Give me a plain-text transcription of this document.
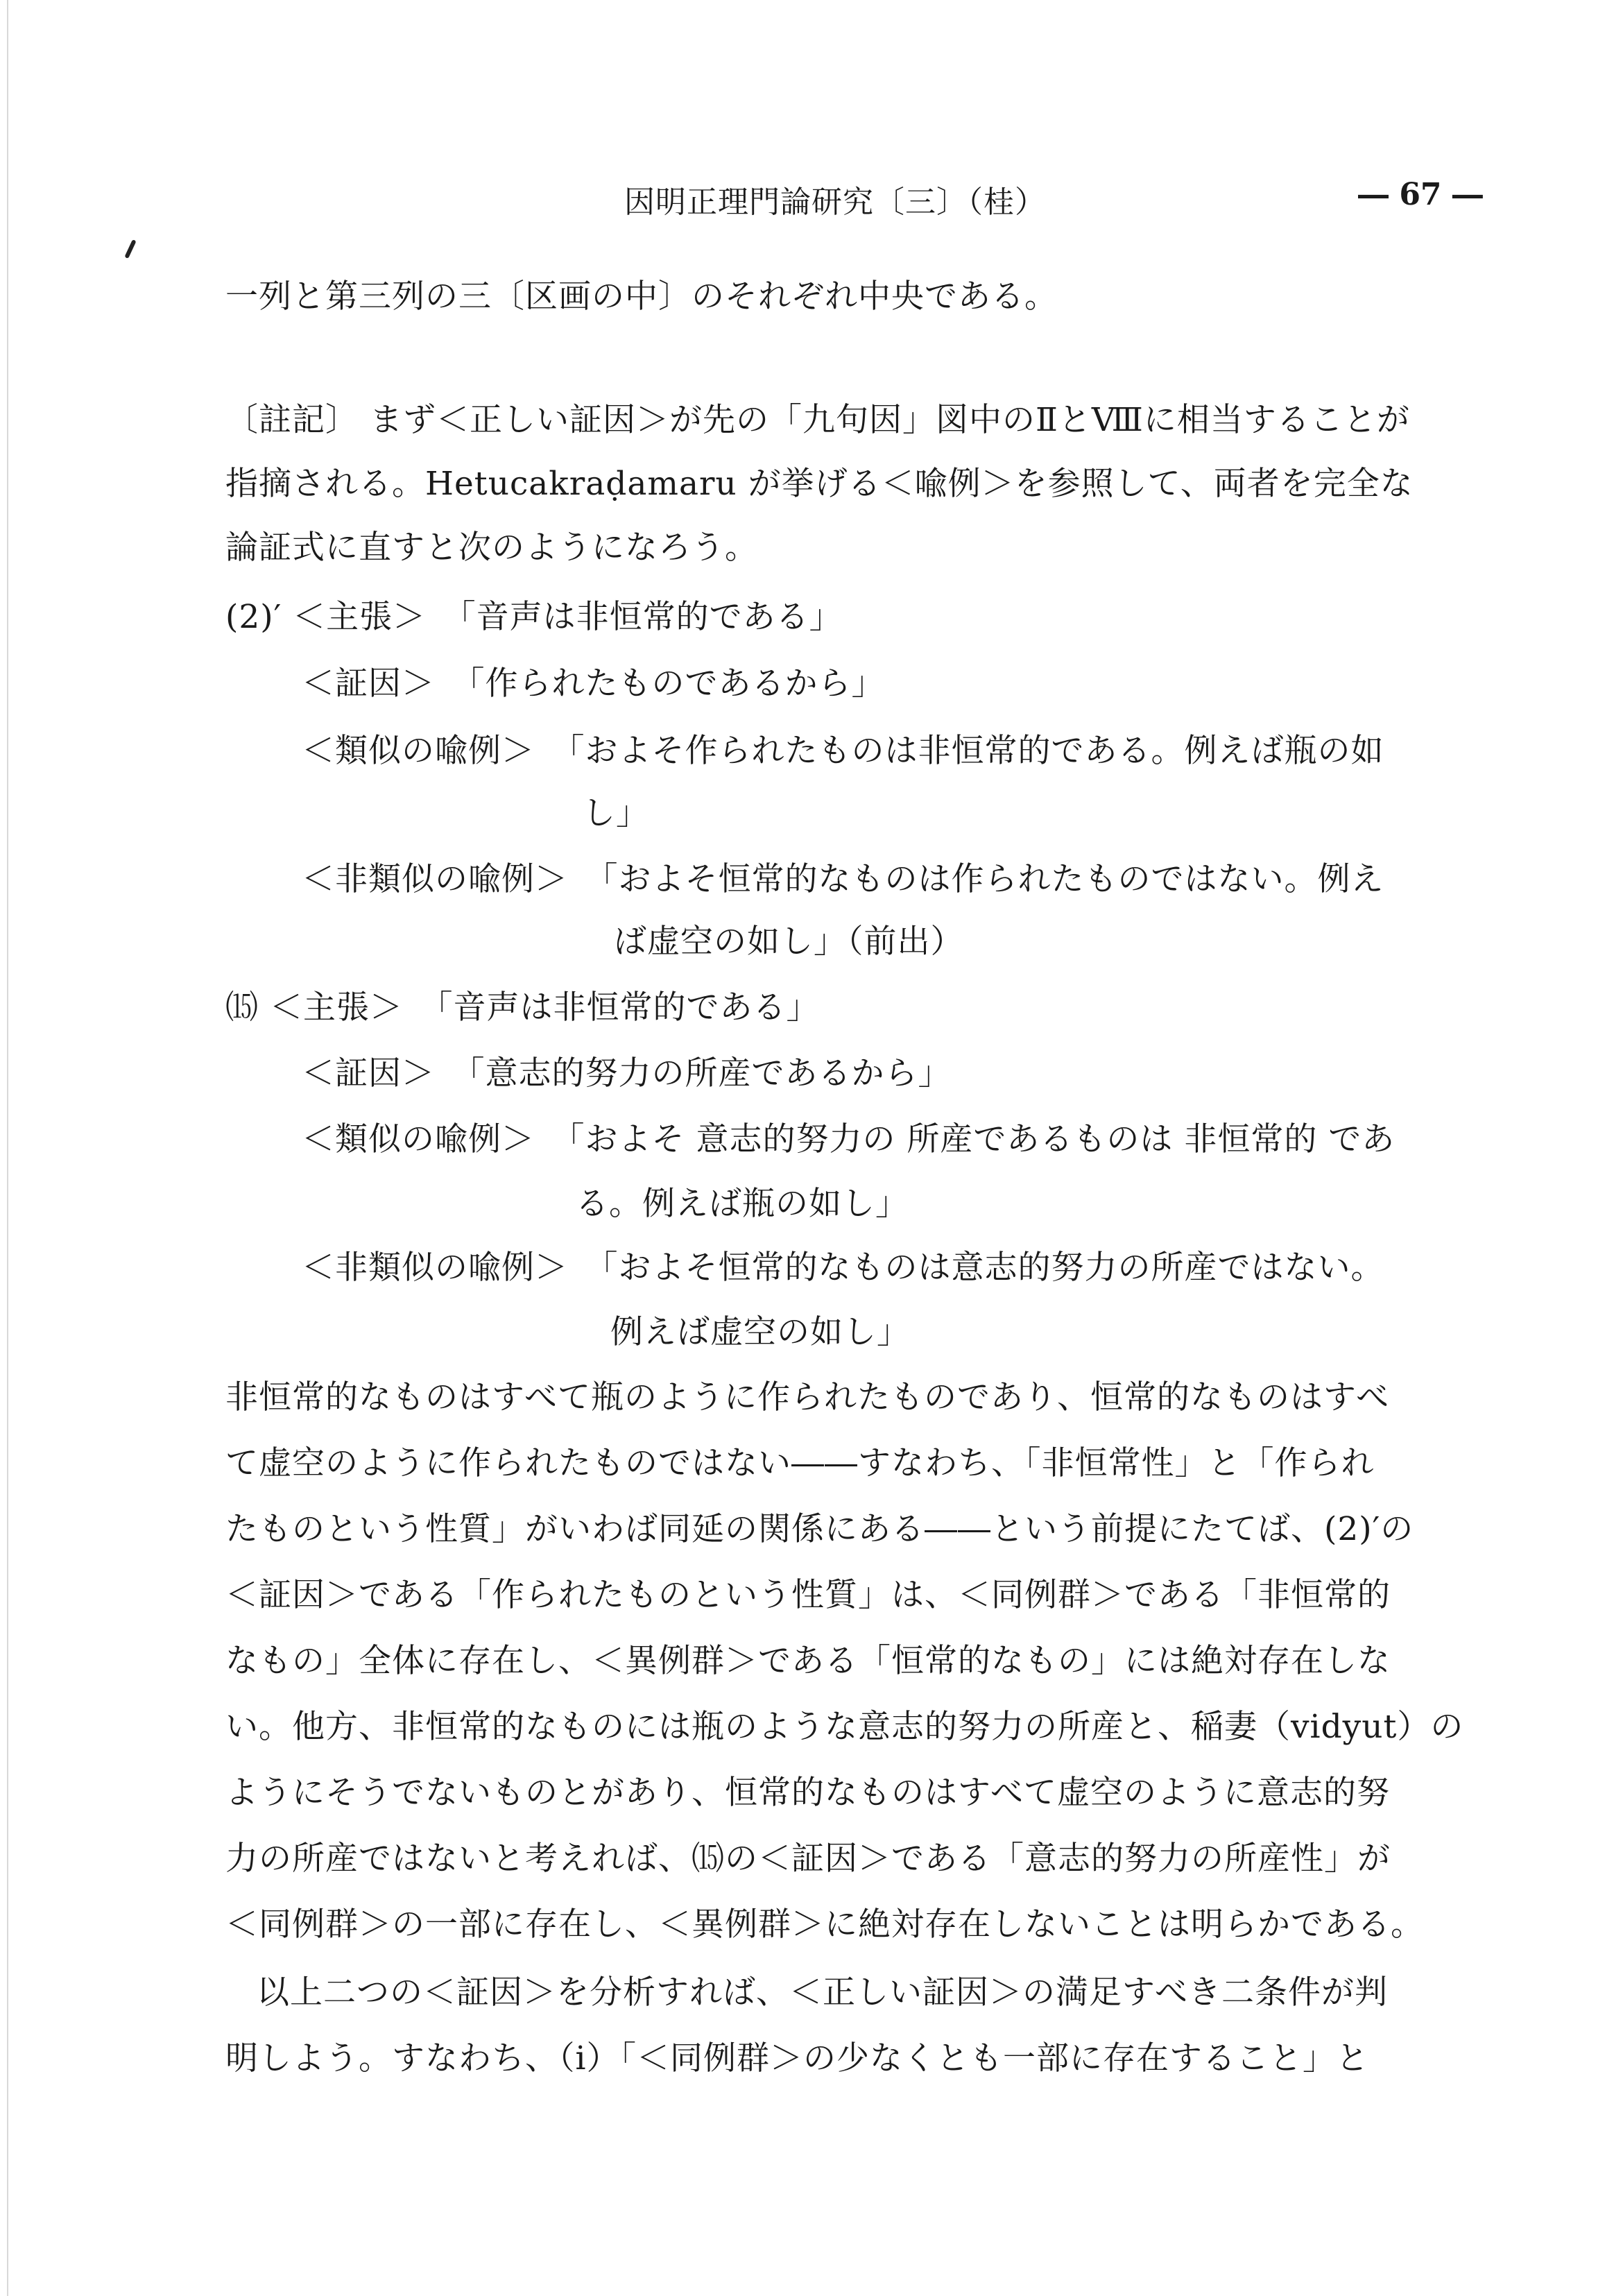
因明正理門論研究〔三〕（桂）	― 67 ―
一列と第三列の三〔区画の中〕のそれぞれ中央である。
〔註記〕 まず＜正しい証因＞が先の「九句因」図中のⅡとⅧに相当することが
指摘される。Hetucakraḍamaru が挙げる＜喩例＞を参照して、両者を完全な
論証式に直すと次のようになろう。
(2)′ ＜主張＞　「音声は非恒常的である」
＜証因＞　「作られたものであるから」
＜類似の喩例＞　「およそ作られたものは非恒常的である。例えば瓶の如
し」
＜非類似の喩例＞　「およそ恒常的なものは作られたものではない。例え
ば虚空の如し」（前出）
⒂ ＜主張＞　「音声は非恒常的である」
＜証因＞　「意志的努力の所産であるから」
＜類似の喩例＞　「およそ 意志的努力の 所産であるものは 非恒常的 であ
る。例えば瓶の如し」
＜非類似の喩例＞　「およそ恒常的なものは意志的努力の所産ではない。
例えば虚空の如し」
非恒常的なものはすべて瓶のように作られたものであり、恒常的なものはすべ
て虚空のように作られたものではない――すなわち、「非恒常性」と「作られ
たものという性質」がいわば同延の関係にある――という前提にたてば、(2)′の
＜証因＞である「作られたものという性質」は、＜同例群＞である「非恒常的
なもの」全体に存在し、＜異例群＞である「恒常的なもの」には絶対存在しな
い。他方、非恒常的なものには瓶のような意志的努力の所産と、稲妻（vidyut）の
ようにそうでないものとがあり、恒常的なものはすべて虚空のように意志的努
力の所産ではないと考えれば、⒂の＜証因＞である「意志的努力の所産性」が
＜同例群＞の一部に存在し、＜異例群＞に絶対存在しないことは明らかである。
以上二つの＜証因＞を分析すれば、＜正しい証因＞の満足すべき二条件が判
明しよう。すなわち、（ⅰ）「＜同例群＞の少なくとも一部に存在すること」と
